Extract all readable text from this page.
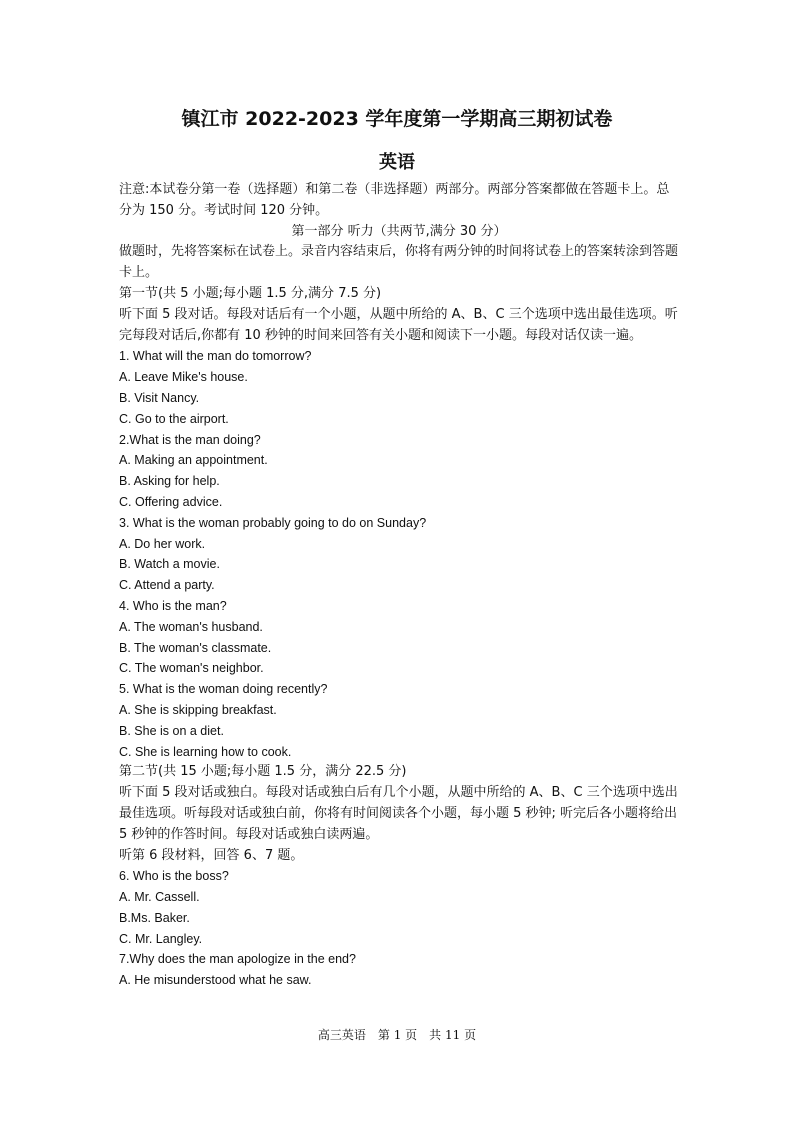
镇江市 2022-2023 学年度第一学期高三期初试卷
英语

注意:本试卷分第一卷（选择题）和第二卷（非选择题）两部分。两部分答案都做在答题卡上。总分为 150 分。考试时间 120 分钟。

第一部分 听力（共两节,满分 30 分）

做题时，先将答案标在试卷上。录音内容结束后，你将有两分钟的时间将试卷上的答案转涂到答题卡上。

第一节(共 5 小题;每小题 1.5 分,满分 7.5 分)

听下面 5 段对话。每段对话后有一个小题，从题中所给的 A、B、C 三个选项中选出最佳选项。听完每段对话后,你都有 10 秒钟的时间来回答有关小题和阅读下一小题。每段对话仅读一遍。

1. What will the man do tomorrow?

A. Leave Mike's house.

B. Visit Nancy.

C. Go to the airport.

2.What is the man doing?

A. Making an appointment.

B. Asking for help.

C. Offering advice.

3. What is the woman probably going to do on Sunday?

A. Do her work.

B. Watch a movie.

C. Attend a party.

4. Who is the man?

A. The woman's husband.

B. The woman's classmate.

C. The woman's neighbor.

5. What is the woman doing recently?

A. She is skipping breakfast.

B. She is on a diet.

C. She is learning how to cook.

第二节(共 15 小题;每小题 1.5 分，满分 22.5 分)

听下面 5 段对话或独白。每段对话或独白后有几个小题，从题中所给的 A、B、C 三个选项中选出最佳选项。听每段对话或独白前，你将有时间阅读各个小题，每小题 5 秒钟; 听完后各小题将给出 5 秒钟的作答时间。每段对话或独白读两遍。

听第 6 段材料，回答 6、7 题。

6. Who is the boss?

A. Mr. Cassell.

B.Ms. Baker.

C. Mr. Langley.

7.Why does the man apologize in the end?

A. He misunderstood what he saw.

高三英语　第 1 页　共 11 页
